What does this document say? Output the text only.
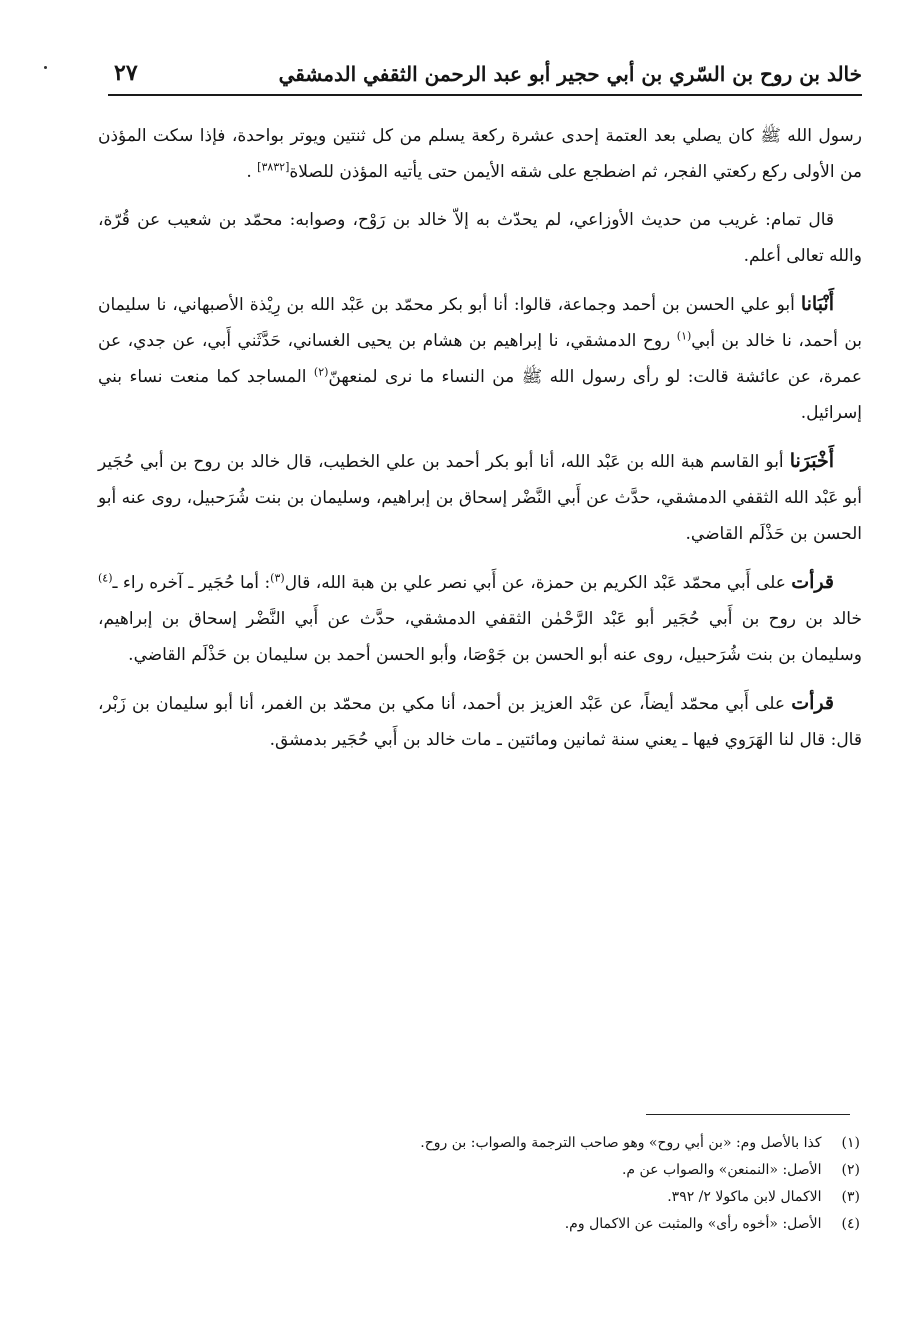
خالد بن روح بن السّري بن أبي حجير أبو عبد الرحمن الثقفي الدمشقي
٢٧

رسول الله ﷺ كان يصلي بعد العتمة إحدى عشرة ركعة يسلم من كل ثنتين ويوتر بواحدة، فإذا سكت المؤذن من الأولى ركع ركعتي الفجر، ثم اضطجع على شقه الأيمن حتى يأتيه المؤذن للصلاة[٣٨٣٢] .

قال تمام: غريب من حديث الأوزاعي، لم يحدّث به إلاّ خالد بن رَوْح، وصوابه: محمّد بن شعيب عن قُرّة، والله تعالى أعلم.

أَنْبَانا أبو علي الحسن بن أحمد وجماعة، قالوا: أنا أبو بكر محمّد بن عَبْد الله بن رِيْذة الأصبهاني، نا سليمان بن أحمد، نا خالد بن أبي$^{(١)}$ روح الدمشقي، نا إبراهيم بن هشام بن يحيى الغساني، حَدَّثَني أَبي، عن جدي، عن عمرة، عن عائشة قالت: لو رأى رسول الله ﷺ من النساء ما نرى لمنعهنّ$^{(٢)}$ المساجد كما منعت نساء بني إسرائيل.

أَخْبَرَنا أبو القاسم هبة الله بن عَبْد الله، أنا أبو بكر أحمد بن علي الخطيب، قال خالد بن روح بن أبي حُجَير أبو عَبْد الله الثقفي الدمشقي، حدَّث عن أَبي النَّضْر إسحاق بن إبراهيم، وسليمان بن بنت شُرَحبيل، روى عنه أبو الحسن بن حَذْلَم القاضي.

قرأت على أَبي محمّد عَبْد الكريم بن حمزة، عن أَبي نصر علي بن هبة الله، قال$^{(٣)}$: أما حُجَير ـ آخره راء ـ$^{(٤)}$ خالد بن روح بن أَبي حُجَير أبو عَبْد الرَّحْمٰن الثقفي الدمشقي، حدَّث عن أَبي النَّضْر إسحاق بن إبراهيم، وسليمان بن بنت شُرَحبيل، روى عنه أبو الحسن بن جَوْصَا، وأبو الحسن أحمد بن سليمان بن حَذْلَم القاضي.

قرأت على أَبي محمّد أيضاً، عن عَبْد العزيز بن أحمد، أنا مكي بن محمّد بن الغمر، أنا أبو سليمان بن زَبْر، قال: قال لنا الهَرَوي فيها ـ يعني سنة ثمانين ومائتين ـ مات خالد بن أَبي حُجَير بدمشق.

(١) كذا بالأصل وم: «بن أبي روح» وهو صاحب الترجمة والصواب: بن روح.
(٢) الأصل: «النمنعن» والصواب عن م.
(٣) الاكمال لابن ماكولا ٢/ ٣٩٢.
(٤) الأصل: «أخوه رأى» والمثبت عن الاكمال وم.
